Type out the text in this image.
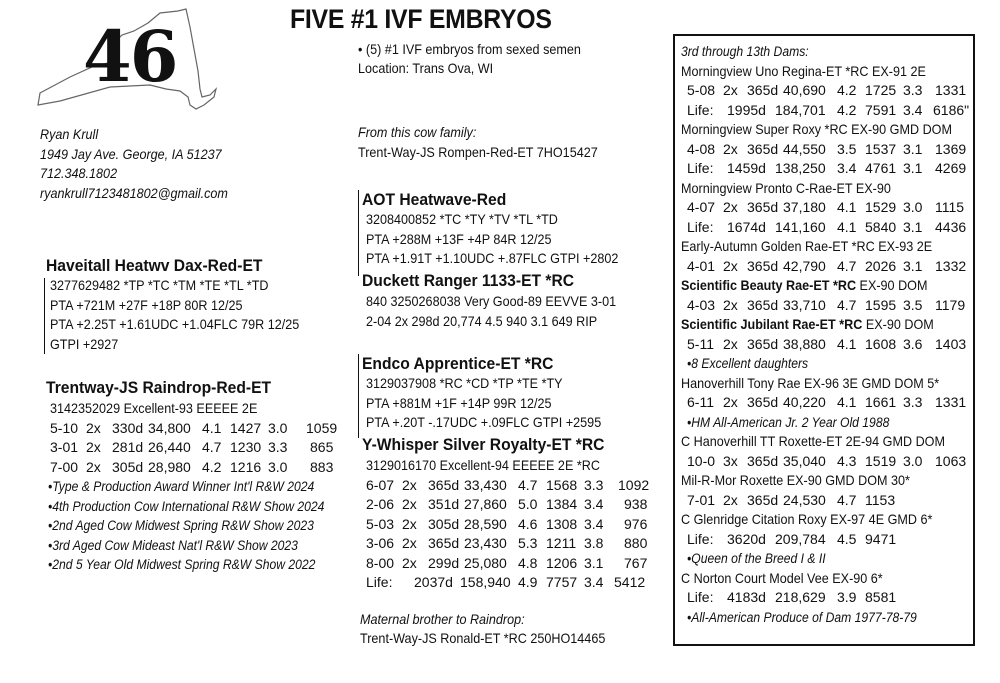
FIVE #1 IVF EMBRYOS
46	• (5) #1 IVF embryos from sexed semen
Location: Trans Ova, WI
Ryan Krull
1949 Jay Ave. George, IA 51237
712.348.1802
ryankrull7123481802@gmail.com
From this cow family:
Trent-Way-JS Rompen-Red-ET 7HO15427
Haveitall Heatwv Dax-Red-ET
3277629482 *TP *TC *TM *TE *TL *TD
PTA +721M +27F +18P 80R 12/25
PTA +2.25T +1.61UDC +1.04FLC 79R 12/25
GTPI +2927
Trentway-JS Raindrop-Red-ET
3142352029 Excellent-93 EEEEE 2E
5-10 2x 330d 34,800 4.1 1427 3.0 1059
3-01 2x 281d 26,440 4.7 1230 3.3 865
7-00 2x 305d 28,980 4.2 1216 3.0 883
•Type & Production Award Winner Int'l R&W 2024
•4th Production Cow International R&W Show 2024
•2nd Aged Cow Midwest Spring R&W Show 2023
•3rd Aged Cow Mideast Nat'l R&W Show 2023
•2nd 5 Year Old Midwest Spring R&W Show 2022
AOT Heatwave-Red
3208400852 *TC *TY *TV *TL *TD
PTA +288M +13F +4P 84R 12/25
PTA +1.91T +1.10UDC +.87FLC GTPI +2802
Duckett Ranger 1133-ET *RC
840 3250268038 Very Good-89 EEVVE 3-01
2-04 2x 298d 20,774 4.5 940 3.1 649 RIP
Endco Apprentice-ET *RC
3129037908 *RC *CD *TP *TE *TY
PTA +881M +1F +14P 99R 12/25
PTA +.20T -.17UDC +.09FLC GTPI +2595
Y-Whisper Silver Royalty-ET *RC
3129016170 Excellent-94 EEEEE 2E *RC
6-07 2x 365d 33,430 4.7 1568 3.3 1092
2-06 2x 351d 27,860 5.0 1384 3.4 938
5-03 2x 305d 28,590 4.6 1308 3.4 976
3-06 2x 365d 23,430 5.3 1211 3.8 880
8-00 2x 299d 25,080 4.8 1206 3.1 767
Life: 2037d 158,940 4.9 7757 3.4 5412
Maternal brother to Raindrop:
Trent-Way-JS Ronald-ET *RC 250HO14465
3rd through 13th Dams:
Morningview Uno Regina-ET *RC EX-91 2E
5-08 2x 365d 40,690 4.2 1725 3.3 1331
Life: 1995d 184,701 4.2 7591 3.4 6186"
Morningview Super Roxy *RC EX-90 GMD DOM
4-08 2x 365d 44,550 3.5 1537 3.1 1369
Life: 1459d 138,250 3.4 4761 3.1 4269
Morningview Pronto C-Rae-ET EX-90
4-07 2x 365d 37,180 4.1 1529 3.0 1115
Life: 1674d 141,160 4.1 5840 3.1 4436
Early-Autumn Golden Rae-ET *RC EX-93 2E
4-01 2x 365d 42,790 4.7 2026 3.1 1332
Scientific Beauty Rae-ET *RC EX-90 DOM
4-03 2x 365d 33,710 4.7 1595 3.5 1179
Scientific Jubilant Rae-ET *RC EX-90 DOM
5-11 2x 365d 38,880 4.1 1608 3.6 1403
•8 Excellent daughters
Hanoverhill Tony Rae EX-96 3E GMD DOM 5*
6-11 2x 365d 40,220 4.1 1661 3.3 1331
•HM All-American Jr. 2 Year Old 1988
C Hanoverhill TT Roxette-ET 2E-94 GMD DOM
10-0 3x 365d 35,040 4.3 1519 3.0 1063
Mil-R-Mor Roxette EX-90 GMD DOM 30*
7-01 2x 365d 24,530 4.7 1153
C Glenridge Citation Roxy EX-97 4E GMD 6*
Life: 3620d 209,784 4.5 9471
•Queen of the Breed I & II
C Norton Court Model Vee EX-90 6*
Life: 4183d 218,629 3.9 8581
•All-American Produce of Dam 1977-78-79
